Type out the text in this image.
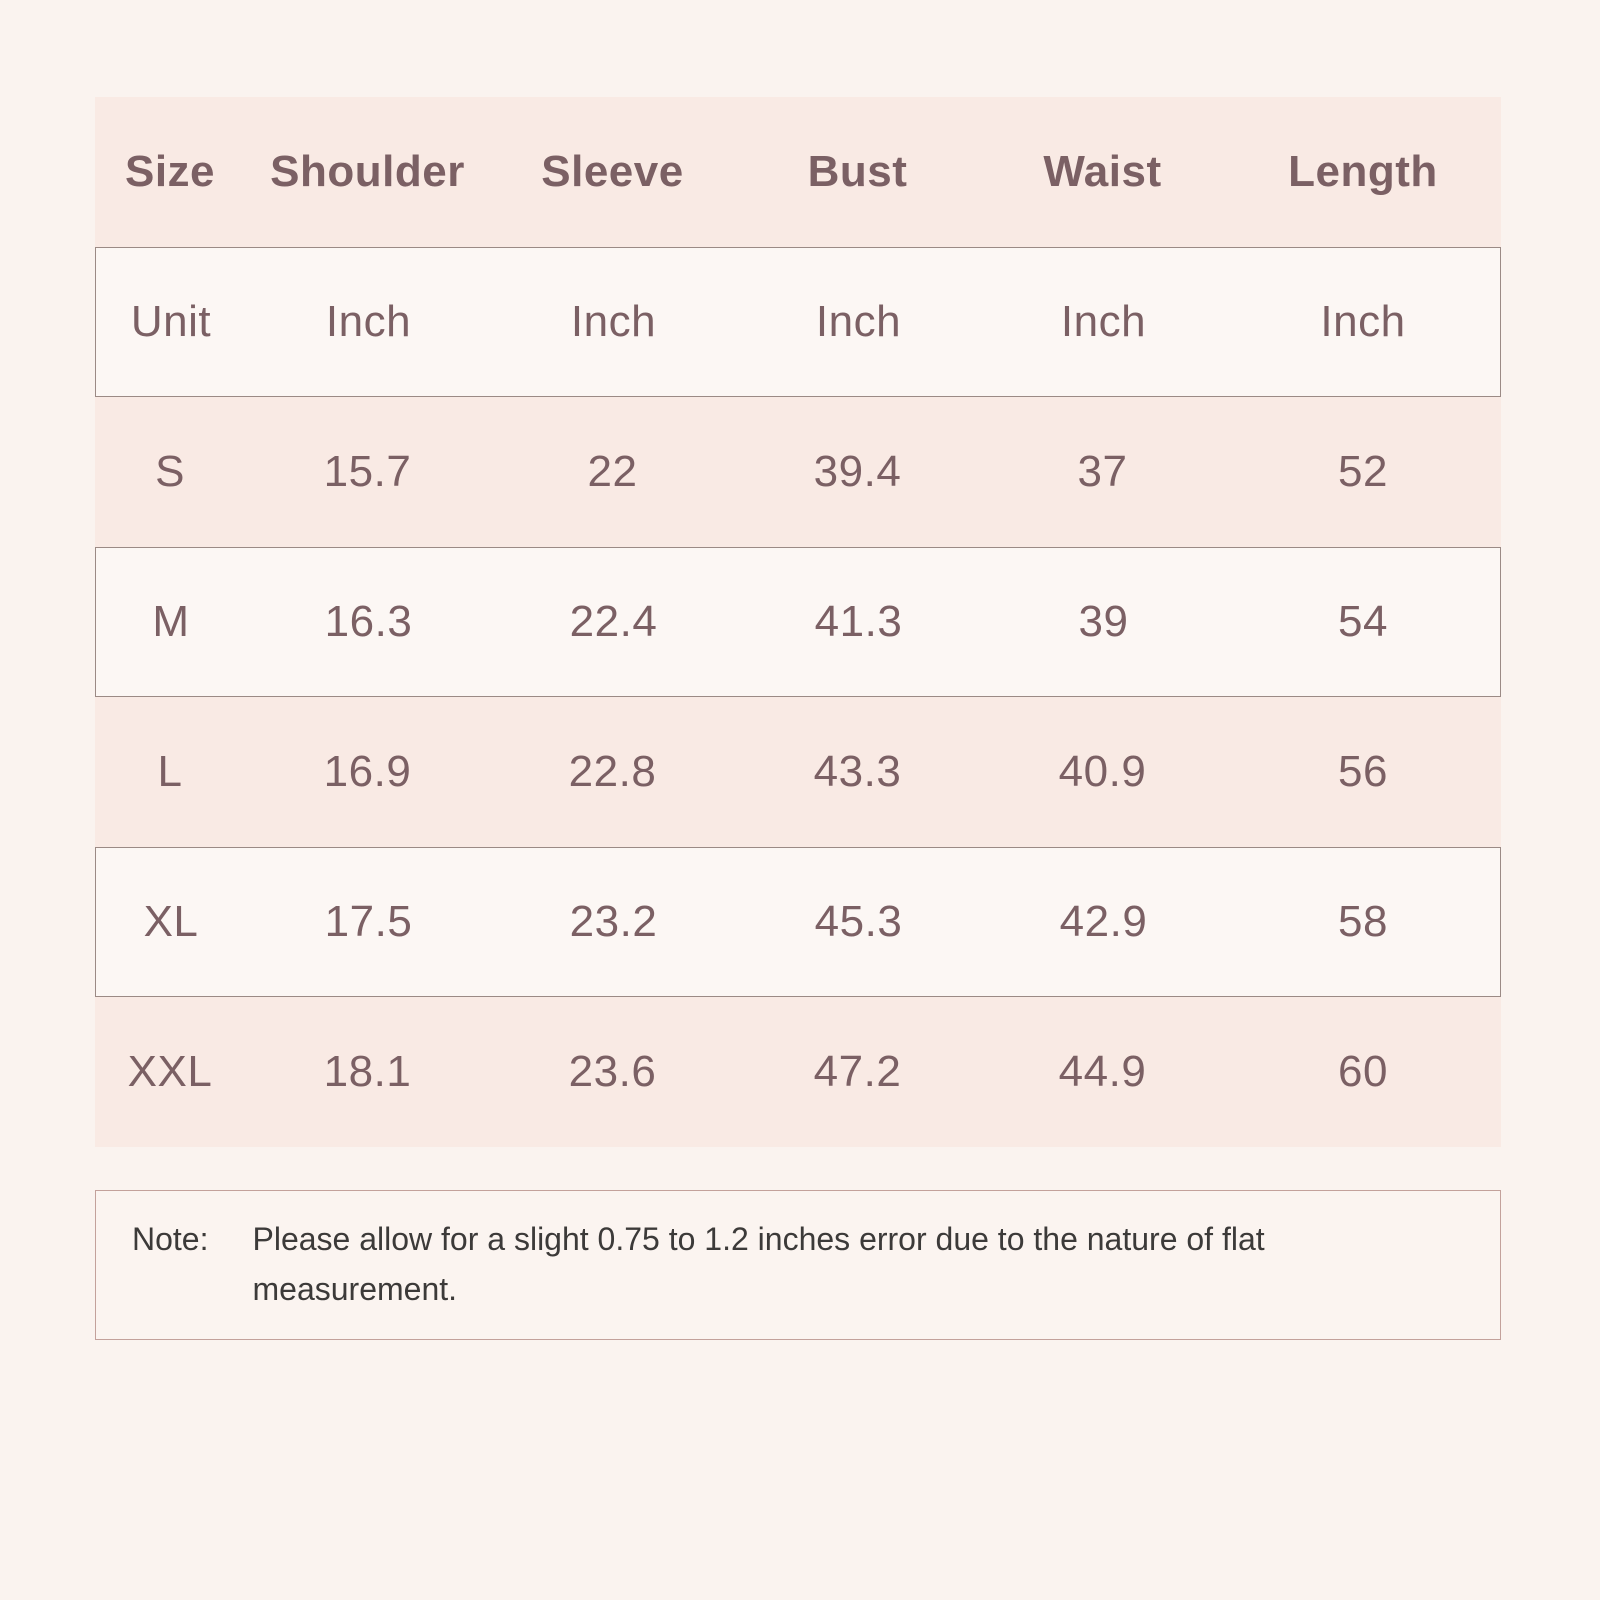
Size	Shoulder	Sleeve	Bust	Waist	Length
Unit	Inch	Inch	Inch	Inch	Inch
S	15.7	22	39.4	37	52
M	16.3	22.4	41.3	39	54
L	16.9	22.8	43.3	40.9	56
XL	17.5	23.2	45.3	42.9	58
XXL	18.1	23.6	47.2	44.9	60
Note: Please allow for a slight 0.75 to 1.2 inches error due to the nature of flat measurement.
